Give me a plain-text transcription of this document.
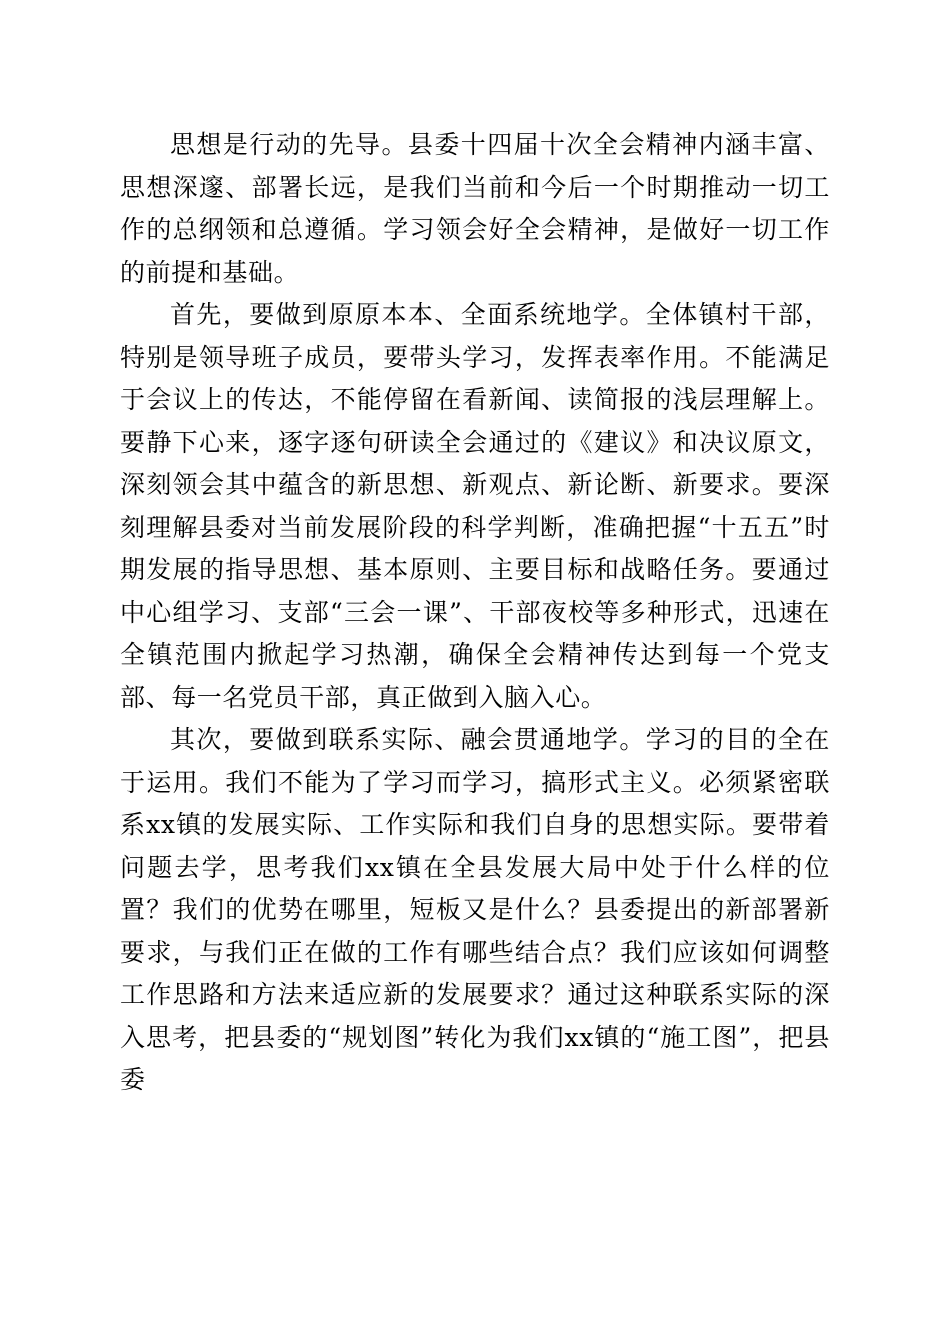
思想是行动的先导。县委十四届十次全会精神内涵丰富、思想深邃、部署长远，是我们当前和今后一个时期推动一切工作的总纲领和总遵循。学习领会好全会精神，是做好一切工作的前提和基础。

首先，要做到原原本本、全面系统地学。全体镇村干部，特别是领导班子成员，要带头学习，发挥表率作用。不能满足于会议上的传达，不能停留在看新闻、读简报的浅层理解上。要静下心来，逐字逐句研读全会通过的《建议》和决议原文，深刻领会其中蕴含的新思想、新观点、新论断、新要求。要深刻理解县委对当前发展阶段的科学判断，准确把握“十五五”时期发展的指导思想、基本原则、主要目标和战略任务。要通过中心组学习、支部“三会一课”、干部夜校等多种形式，迅速在全镇范围内掀起学习热潮，确保全会精神传达到每一个党支部、每一名党员干部，真正做到入脑入心。

其次，要做到联系实际、融会贯通地学。学习的目的全在于运用。我们不能为了学习而学习，搞形式主义。必须紧密联系xx镇的发展实际、工作实际和我们自身的思想实际。要带着问题去学，思考我们xx镇在全县发展大局中处于什么样的位置？我们的优势在哪里，短板又是什么？县委提出的新部署新要求，与我们正在做的工作有哪些结合点？我们应该如何调整工作思路和方法来适应新的发展要求？通过这种联系实际的深入思考，把县委的“规划图”转化为我们xx镇的“施工图”，把县委
